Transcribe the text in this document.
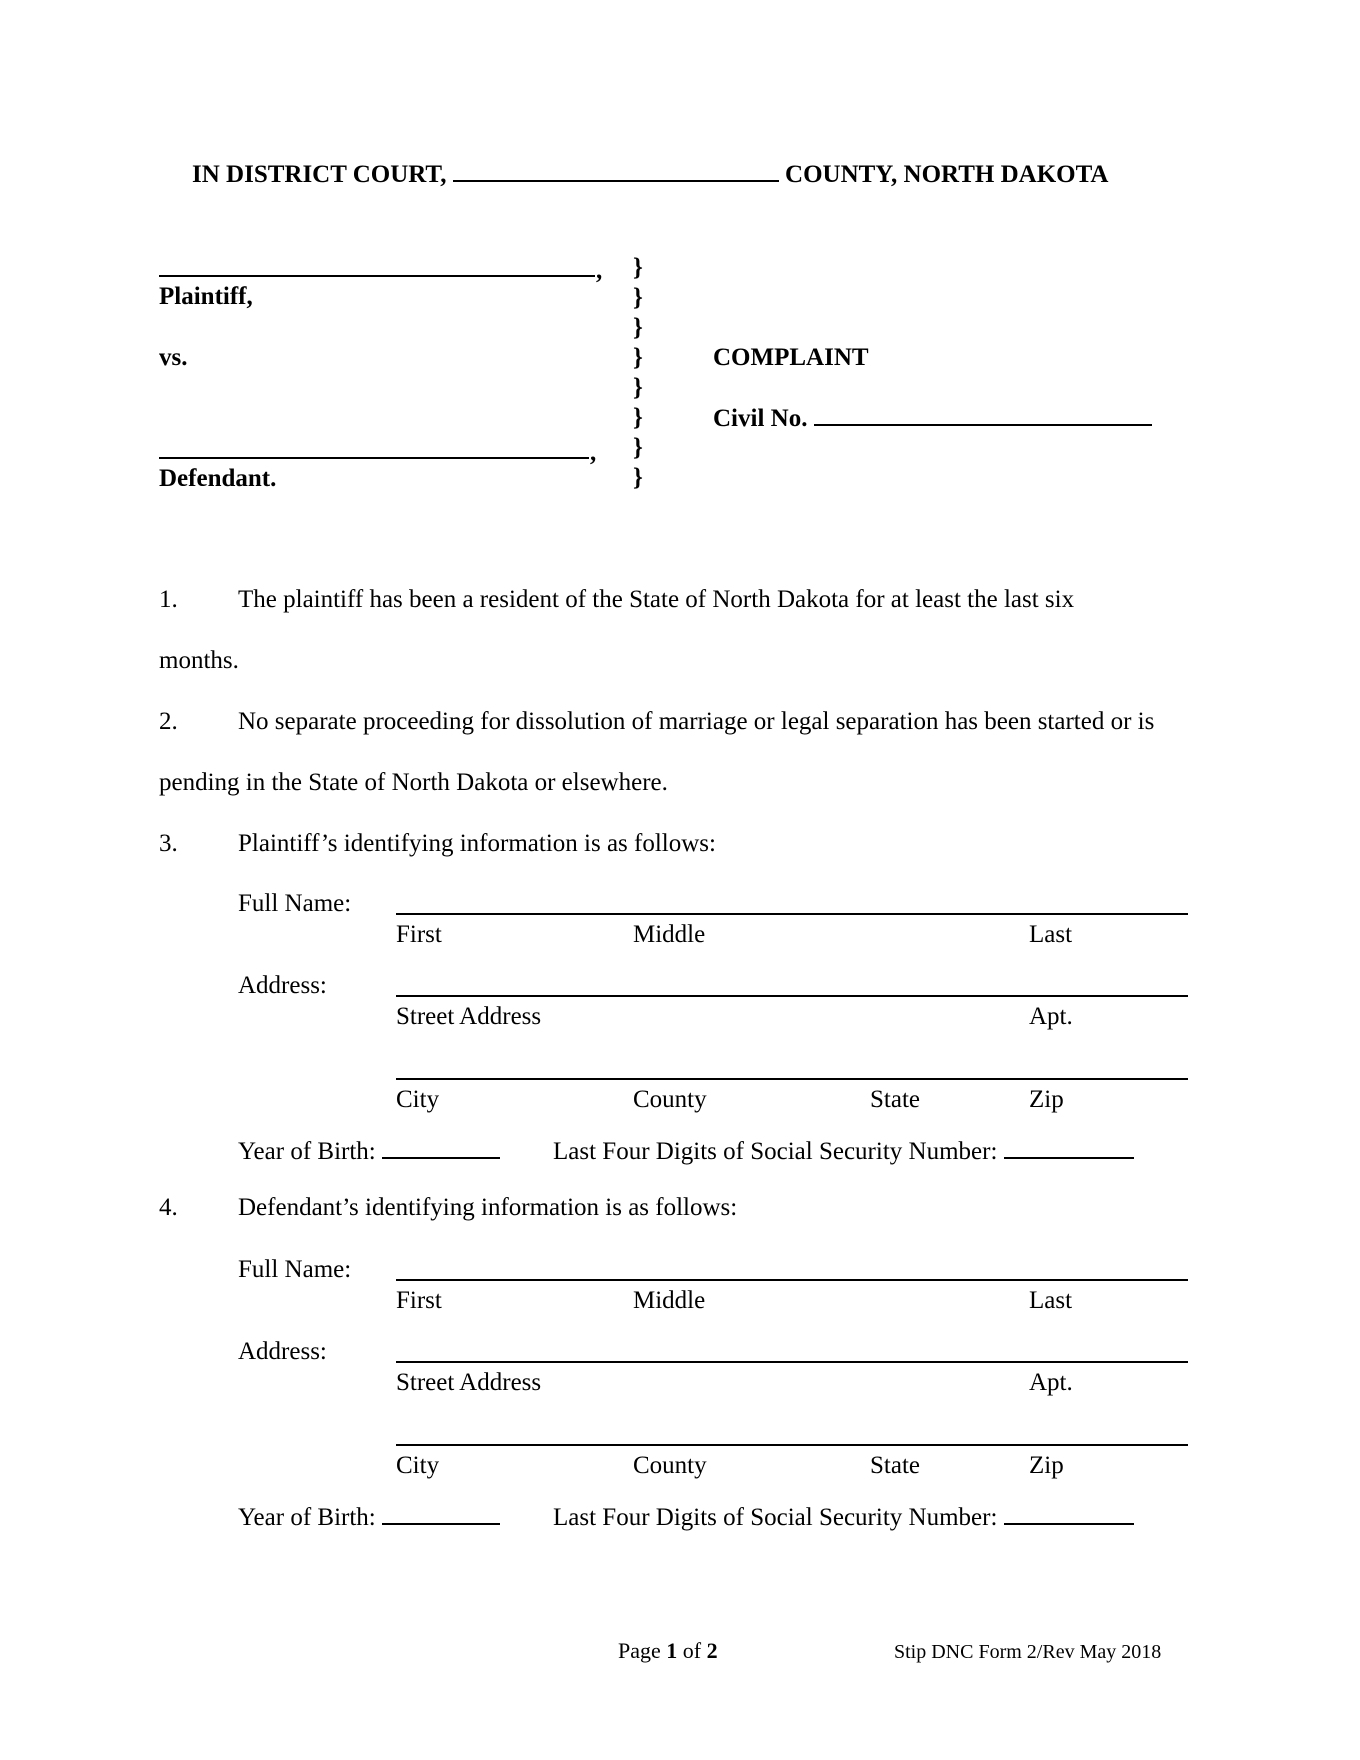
IN DISTRICT COURT,	COUNTY, NORTH DAKOTA
,
Plaintiff,
vs.
,
Defendant.
}
}
}
}
}
}
}
}
COMPLAINT
Civil No.
1. The plaintiff has been a resident of the State of North Dakota for at least the last six
months.
2. No separate proceeding for dissolution of marriage or legal separation has been started or is
pending in the State of North Dakota or elsewhere.
3. Plaintiff’s identifying information is as follows:
Full Name:
First	Middle	Last
Address:
Street Address	Apt.
City	County	State	Zip
Year of Birth:	Last Four Digits of Social Security Number:
4. Defendant’s identifying information is as follows:
Full Name:
First	Middle	Last
Address:
Street Address	Apt.
City	County	State	Zip
Year of Birth:	Last Four Digits of Social Security Number:
Page 1 of 2	Stip DNC Form 2/Rev May 2018
